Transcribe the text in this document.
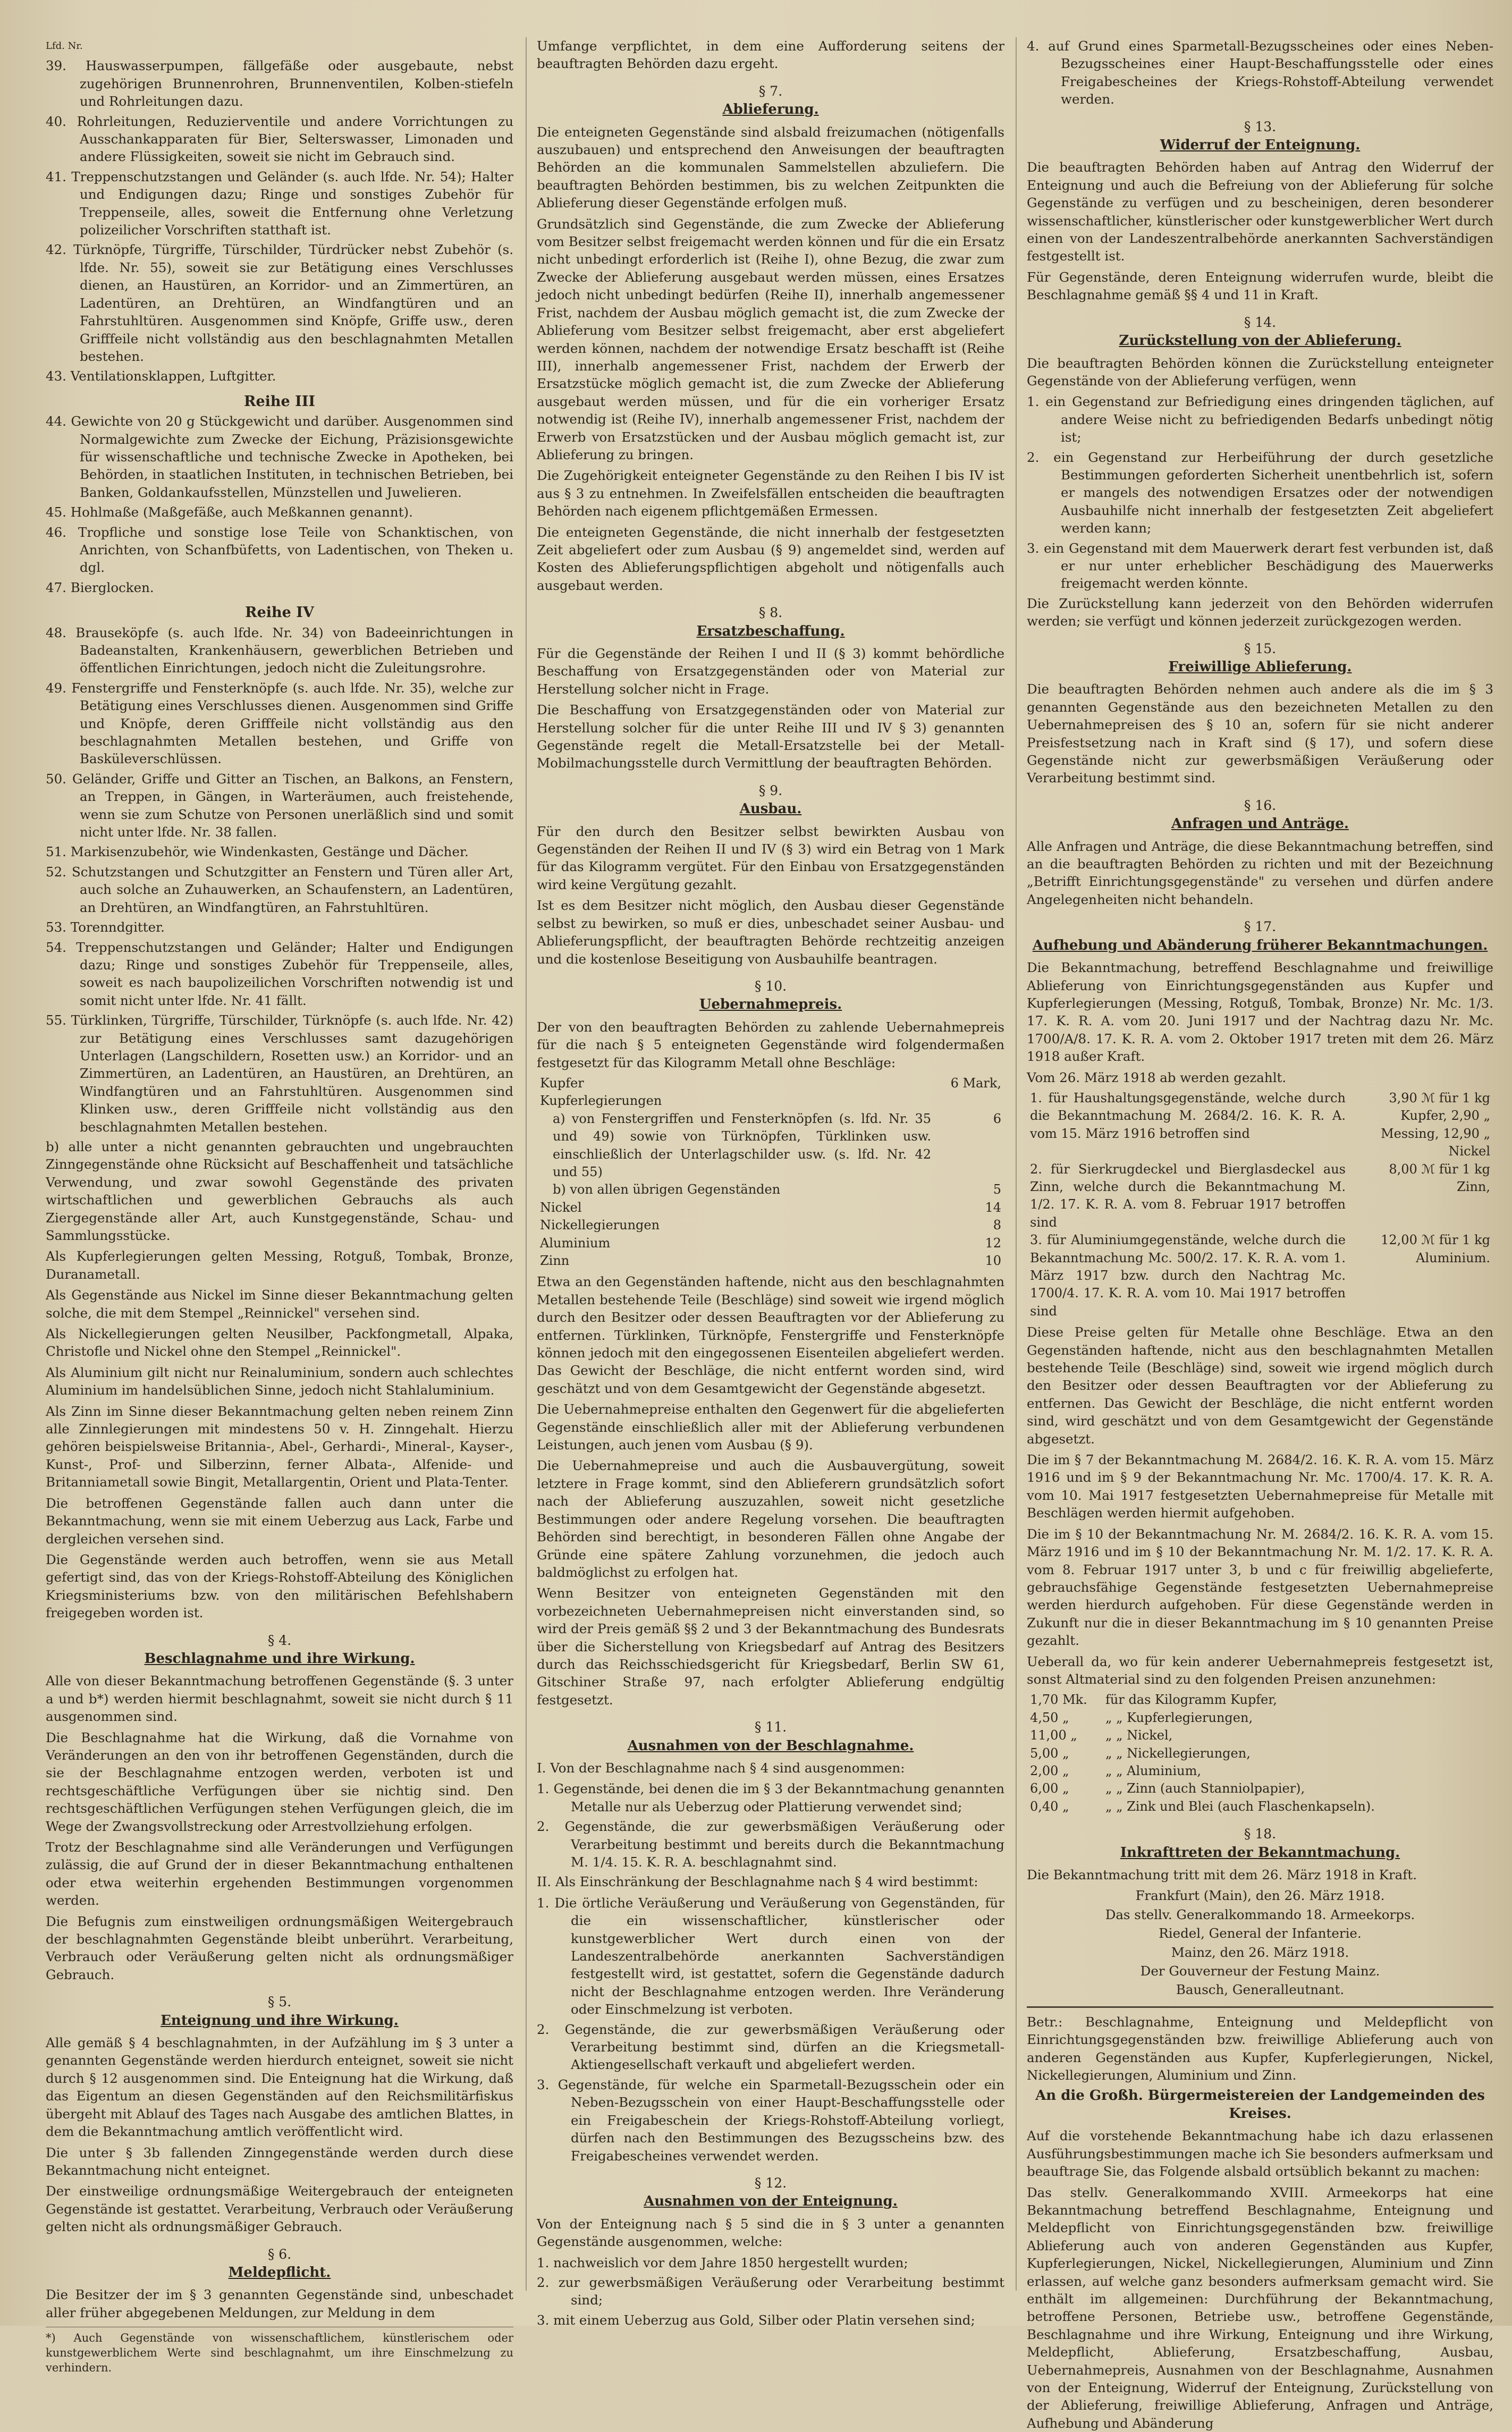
Lfd. Nr.

39. Hauswasserpumpen, fällgefäße oder ausgebaute, nebst zugehörigen Brunnenrohren, Brunnenventilen, Kolben-stiefeln und Rohrleitungen dazu.

40. Rohrleitungen, Reduzierventile und andere Vorrichtungen zu Ausschankapparaten für Bier, Selterswasser, Limonaden und andere Flüssigkeiten, soweit sie nicht im Gebrauch sind.

41. Treppenschutzstangen und Geländer (s. auch lfde. Nr. 54); Halter und Endigungen dazu; Ringe und sonstiges Zubehör für Treppenseile, alles, soweit die Entfernung ohne Verletzung polizeilicher Vorschriften statthaft ist.

42. Türknöpfe, Türgriffe, Türschilder, Türdrücker nebst Zubehör (s. lfde. Nr. 55), soweit sie zur Betätigung eines Verschlusses dienen, an Haustüren, an Korridor- und an Zimmertüren, an Ladentüren, an Drehtüren, an Windfangtüren und an Fahrstuhltüren. Ausgenommen sind Knöpfe, Griffe usw., deren Grifffeile nicht vollständig aus den beschlagnahmten Metallen bestehen.

43. Ventilationsklappen, Luftgitter.

Reihe III

44. Gewichte von 20 g Stückgewicht und darüber. Ausgenommen sind Normalgewichte zum Zwecke der Eichung, Präzisionsgewichte für wissenschaftliche und technische Zwecke in Apotheken, bei Behörden, in staatlichen Instituten, in technischen Betrieben, bei Banken, Goldankaufsstellen, Münzstellen und Juwelieren.

45. Hohlmaße (Maßgefäße, auch Meßkannen genannt).

46. Tropfliche und sonstige lose Teile von Schanktischen, von Anrichten, von Schanfbüfetts, von Ladentischen, von Theken u. dgl.

47. Bierglocken.

Reihe IV

48. Brauseköpfe (s. auch lfde. Nr. 34) von Badeeinrichtungen in Badeanstalten, Krankenhäusern, gewerblichen Betrieben und öffentlichen Einrichtungen, jedoch nicht die Zuleitungsrohre.

49. Fenstergriffe und Fensterknöpfe (s. auch lfde. Nr. 35), welche zur Betätigung eines Verschlusses dienen. Ausgenommen sind Griffe und Knöpfe, deren Grifffeile nicht vollständig aus den beschlagnahmten Metallen bestehen, und Griffe von Basküleverschlüssen.

50. Geländer, Griffe und Gitter an Tischen, an Balkons, an Fenstern, an Treppen, in Gängen, in Warteräumen, auch freistehende, wenn sie zum Schutze von Personen unerläßlich sind und somit nicht unter lfde. Nr. 38 fallen.

51. Markisenzubehör, wie Windenkasten, Gestänge und Dächer.

52. Schutzstangen und Schutzgitter an Fenstern und Türen aller Art, auch solche an Zuhauwerken, an Schaufenstern, an Ladentüren, an Drehtüren, an Windfangtüren, an Fahrstuhltüren.

53. Torenndgitter.

54. Treppenschutzstangen und Geländer; Halter und Endigungen dazu; Ringe und sonstiges Zubehör für Treppenseile, alles, soweit es nach baupolizeilichen Vorschriften notwendig ist und somit nicht unter lfde. Nr. 41 fällt.

55. Türklinken, Türgriffe, Türschilder, Türknöpfe (s. auch lfde. Nr. 42) zur Betätigung eines Verschlusses samt dazugehörigen Unterlagen (Langschildern, Rosetten usw.) an Korridor- und an Zimmertüren, an Ladentüren, an Haustüren, an Drehtüren, an Windfangtüren und an Fahrstuhltüren. Ausgenommen sind Klinken usw., deren Grifffeile nicht vollständig aus den beschlagnahmten Metallen bestehen.

b) alle unter a nicht genannten gebrauchten und ungebrauchten Zinngegenstände ohne Rücksicht auf Beschaffenheit und tatsächliche Verwendung, und zwar sowohl Gegenstände des privaten wirtschaftlichen und gewerblichen Gebrauchs als auch Ziergegenstände aller Art, auch Kunstgegenstände, Schau- und Sammlungsstücke.

Als Kupferlegierungen gelten Messing, Rotguß, Tombak, Bronze, Duranametall.

Als Gegenstände aus Nickel im Sinne dieser Bekanntmachung gelten solche, die mit dem Stempel „Reinnickel" versehen sind.

Als Nickellegierungen gelten Neusilber, Packfongmetall, Alpaka, Christofle und Nickel ohne den Stempel „Reinnickel".

Als Aluminium gilt nicht nur Reinaluminium, sondern auch schlechtes Aluminium im handelsüblichen Sinne, jedoch nicht Stahlaluminium.

Als Zinn im Sinne dieser Bekanntmachung gelten neben reinem Zinn alle Zinnlegierungen mit mindestens 50 v. H. Zinngehalt. Hierzu gehören beispielsweise Britannia-, Abel-, Gerhardi-, Mineral-, Kayser-, Kunst-, Prof- und Silberzinn, ferner Albata-, Alfenide- und Britanniametall sowie Bingit, Metallargentin, Orient und Plata-Tenter.

Die betroffenen Gegenstände fallen auch dann unter die Bekanntmachung, wenn sie mit einem Ueberzug aus Lack, Farbe und dergleichen versehen sind.

Die Gegenstände werden auch betroffen, wenn sie aus Metall gefertigt sind, das von der Kriegs-Rohstoff-Abteilung des Königlichen Kriegsministeriums bzw. von den militärischen Befehlshabern freigegeben worden ist.

§ 4.
Beschlagnahme und ihre Wirkung.

Alle von dieser Bekanntmachung betroffenen Gegenstände (§. 3 unter a und b*) werden hiermit beschlagnahmt, soweit sie nicht durch § 11 ausgenommen sind.

Die Beschlagnahme hat die Wirkung, daß die Vornahme von Veränderungen an den von ihr betroffenen Gegenständen, durch die sie der Beschlagnahme entzogen werden, verboten ist und rechtsgeschäftliche Verfügungen über sie nichtig sind. Den rechtsgeschäftlichen Verfügungen stehen Verfügungen gleich, die im Wege der Zwangsvollstreckung oder Arrestvollziehung erfolgen.

Trotz der Beschlagnahme sind alle Veränderungen und Verfügungen zulässig, die auf Grund der in dieser Bekanntmachung enthaltenen oder etwa weiterhin ergehenden Bestimmungen vorgenommen werden.

Die Befugnis zum einstweiligen ordnungsmäßigen Weitergebrauch der beschlagnahmten Gegenstände bleibt unberührt. Verarbeitung, Verbrauch oder Veräußerung gelten nicht als ordnungsmäßiger Gebrauch.

§ 5.
Enteignung und ihre Wirkung.

Alle gemäß § 4 beschlagnahmten, in der Aufzählung im § 3 unter a genannten Gegenstände werden hierdurch enteignet, soweit sie nicht durch § 12 ausgenommen sind. Die Enteignung hat die Wirkung, daß das Eigentum an diesen Gegenständen auf den Reichsmilitärfiskus übergeht mit Ablauf des Tages nach Ausgabe des amtlichen Blattes, in dem die Bekanntmachung amtlich veröffentlicht wird.

Die unter § 3b fallenden Zinngegenstände werden durch diese Bekanntmachung nicht enteignet.

Der einstweilige ordnungsmäßige Weitergebrauch der enteigneten Gegenstände ist gestattet. Verarbeitung, Verbrauch oder Veräußerung gelten nicht als ordnungsmäßiger Gebrauch.

§ 6.
Meldepflicht.

Die Besitzer der im § 3 genannten Gegenstände sind, unbeschadet aller früher abgegebenen Meldungen, zur Meldung in dem

*) Auch Gegenstände von wissenschaftlichem, künstlerischem oder kunstgewerblichem Werte sind beschlagnahmt, um ihre Einschmelzung zu verhindern.

Umfange verpflichtet, in dem eine Aufforderung seitens der beauftragten Behörden dazu ergeht.

§ 7.
Ablieferung.

Die enteigneten Gegenstände sind alsbald freizumachen (nötigenfalls auszubauen) und entsprechend den Anweisungen der beauftragten Behörden an die kommunalen Sammelstellen abzuliefern. Die beauftragten Behörden bestimmen, bis zu welchen Zeitpunkten die Ablieferung dieser Gegenstände erfolgen muß.

Grundsätzlich sind Gegenstände, die zum Zwecke der Ablieferung vom Besitzer selbst freigemacht werden können und für die ein Ersatz nicht unbedingt erforderlich ist (Reihe I), ohne Bezug, die zwar zum Zwecke der Ablieferung ausgebaut werden müssen, eines Ersatzes jedoch nicht unbedingt bedürfen (Reihe II), innerhalb angemessener Frist, nachdem der Ausbau möglich gemacht ist, die zum Zwecke der Ablieferung vom Besitzer selbst freigemacht, aber erst abgeliefert werden können, nachdem der notwendige Ersatz beschafft ist (Reihe III), innerhalb angemessener Frist, nachdem der Erwerb der Ersatzstücke möglich gemacht ist, die zum Zwecke der Ablieferung ausgebaut werden müssen, und für die ein vorheriger Ersatz notwendig ist (Reihe IV), innerhalb angemessener Frist, nachdem der Erwerb von Ersatzstücken und der Ausbau möglich gemacht ist, zur Ablieferung zu bringen.

Die Zugehörigkeit enteigneter Gegenstände zu den Reihen I bis IV ist aus § 3 zu entnehmen. In Zweifelsfällen entscheiden die beauftragten Behörden nach eigenem pflichtgemäßen Ermessen.

Die enteigneten Gegenstände, die nicht innerhalb der festgesetzten Zeit abgeliefert oder zum Ausbau (§ 9) angemeldet sind, werden auf Kosten des Ablieferungspflichtigen abgeholt und nötigenfalls auch ausgebaut werden.

§ 8.
Ersatzbeschaffung.

Für die Gegenstände der Reihen I und II (§ 3) kommt behördliche Beschaffung von Ersatzgegenständen oder von Material zur Herstellung solcher nicht in Frage.

Die Beschaffung von Ersatzgegenständen oder von Material zur Herstellung solcher für die unter Reihe III und IV § 3) genannten Gegenstände regelt die Metall-Ersatzstelle bei der Metall-Mobilmachungsstelle durch Vermittlung der beauftragten Behörden.

§ 9.
Ausbau.

Für den durch den Besitzer selbst bewirkten Ausbau von Gegenständen der Reihen II und IV (§ 3) wird ein Betrag von 1 Mark für das Kilogramm vergütet. Für den Einbau von Ersatzgegenständen wird keine Vergütung gezahlt.

Ist es dem Besitzer nicht möglich, den Ausbau dieser Gegenstände selbst zu bewirken, so muß er dies, unbeschadet seiner Ausbau- und Ablieferungspflicht, der beauftragten Behörde rechtzeitig anzeigen und die kostenlose Beseitigung von Ausbauhilfe beantragen.

§ 10.
Uebernahmepreis.

Der von den beauftragten Behörden zu zahlende Uebernahmepreis für die nach § 5 enteigneten Gegenstände wird folgendermaßen festgesetzt für das Kilogramm Metall ohne Beschläge:

Kupfer	6 Mark,
Kupferlegierungen	
a) von Fenstergriffen und Fensterknöpfen (s. lfd. Nr. 35 und 49) sowie von Türknöpfen, Türklinken usw. einschließlich der Unterlagschilder usw. (s. lfd. Nr. 42 und 55)	6
b) von allen übrigen Gegenständen	5
Nickel	14
Nickellegierungen	8
Aluminium	12
Zinn	10

Etwa an den Gegenständen haftende, nicht aus den beschlagnahmten Metallen bestehende Teile (Beschläge) sind soweit wie irgend möglich durch den Besitzer oder dessen Beauftragten vor der Ablieferung zu entfernen. Türklinken, Türknöpfe, Fenstergriffe und Fensterknöpfe können jedoch mit den eingegossenen Eisenteilen abgeliefert werden. Das Gewicht der Beschläge, die nicht entfernt worden sind, wird geschätzt und von dem Gesamtgewicht der Gegenstände abgesetzt.

Die Uebernahmepreise enthalten den Gegenwert für die abgelieferten Gegenstände einschließlich aller mit der Ablieferung verbundenen Leistungen, auch jenen vom Ausbau (§ 9).

Die Uebernahmepreise und auch die Ausbauvergütung, soweit letztere in Frage kommt, sind den Ablieferern grundsätzlich sofort nach der Ablieferung auszuzahlen, soweit nicht gesetzliche Bestimmungen oder andere Regelung vorsehen. Die beauftragten Behörden sind berechtigt, in besonderen Fällen ohne Angabe der Gründe eine spätere Zahlung vorzunehmen, die jedoch auch baldmöglichst zu erfolgen hat.

Wenn Besitzer von enteigneten Gegenständen mit den vorbezeichneten Uebernahmepreisen nicht einverstanden sind, so wird der Preis gemäß §§ 2 und 3 der Bekanntmachung des Bundesrats über die Sicherstellung von Kriegsbedarf auf Antrag des Besitzers durch das Reichsschiedsgericht für Kriegsbedarf, Berlin SW 61, Gitschiner Straße 97, nach erfolgter Ablieferung endgültig festgesetzt.

§ 11.
Ausnahmen von der Beschlagnahme.

I. Von der Beschlagnahme nach § 4 sind ausgenommen:

1. Gegenstände, bei denen die im § 3 der Bekanntmachung genannten Metalle nur als Ueberzug oder Plattierung verwendet sind;

2. Gegenstände, die zur gewerbsmäßigen Veräußerung oder Verarbeitung bestimmt und bereits durch die Bekanntmachung M. 1/4. 15. K. R. A. beschlagnahmt sind.

II. Als Einschränkung der Beschlagnahme nach § 4 wird bestimmt:

1. Die örtliche Veräußerung und Veräußerung von Gegenständen, für die ein wissenschaftlicher, künstlerischer oder kunstgewerblicher Wert durch einen von der Landeszentralbehörde anerkannten Sachverständigen festgestellt wird, ist gestattet, sofern die Gegenstände dadurch nicht der Beschlagnahme entzogen werden. Ihre Veränderung oder Einschmelzung ist verboten.

2. Gegenstände, die zur gewerbsmäßigen Veräußerung oder Verarbeitung bestimmt sind, dürfen an die Kriegsmetall-Aktiengesellschaft verkauft und abgeliefert werden.

3. Gegenstände, für welche ein Sparmetall-Bezugsschein oder ein Neben-Bezugsschein von einer Haupt-Beschaffungsstelle oder ein Freigabeschein der Kriegs-Rohstoff-Abteilung vorliegt, dürfen nach den Bestimmungen des Bezugsscheins bzw. des Freigabescheines verwendet werden.

§ 12.
Ausnahmen von der Enteignung.

Von der Enteignung nach § 5 sind die in § 3 unter a genannten Gegenstände ausgenommen, welche:

1. nachweislich vor dem Jahre 1850 hergestellt wurden;

2. zur gewerbsmäßigen Veräußerung oder Verarbeitung bestimmt sind;

3. mit einem Ueberzug aus Gold, Silber oder Platin versehen sind;

4. auf Grund eines Sparmetall-Bezugsscheines oder eines Neben-Bezugsscheines einer Haupt-Beschaffungsstelle oder eines Freigabescheines der Kriegs-Rohstoff-Abteilung verwendet werden.

§ 13.
Widerruf der Enteignung.

Die beauftragten Behörden haben auf Antrag den Widerruf der Enteignung und auch die Befreiung von der Ablieferung für solche Gegenstände zu verfügen und zu bescheinigen, deren besonderer wissenschaftlicher, künstlerischer oder kunstgewerblicher Wert durch einen von der Landeszentralbehörde anerkannten Sachverständigen festgestellt ist.

Für Gegenstände, deren Enteignung widerrufen wurde, bleibt die Beschlagnahme gemäß §§ 4 und 11 in Kraft.

§ 14.
Zurückstellung von der Ablieferung.

Die beauftragten Behörden können die Zurückstellung enteigneter Gegenstände von der Ablieferung verfügen, wenn

1. ein Gegenstand zur Befriedigung eines dringenden täglichen, auf andere Weise nicht zu befriedigenden Bedarfs unbedingt nötig ist;

2. ein Gegenstand zur Herbeiführung der durch gesetzliche Bestimmungen geforderten Sicherheit unentbehrlich ist, sofern er mangels des notwendigen Ersatzes oder der notwendigen Ausbauhilfe nicht innerhalb der festgesetzten Zeit abgeliefert werden kann;

3. ein Gegenstand mit dem Mauerwerk derart fest verbunden ist, daß er nur unter erheblicher Beschädigung des Mauerwerks freigemacht werden könnte.

Die Zurückstellung kann jederzeit von den Behörden widerrufen werden; sie verfügt und können jederzeit zurückgezogen werden.

§ 15.
Freiwillige Ablieferung.

Die beauftragten Behörden nehmen auch andere als die im § 3 genannten Gegenstände aus den bezeichneten Metallen zu den Uebernahmepreisen des § 10 an, sofern für sie nicht anderer Preisfestsetzung nach in Kraft sind (§ 17), und sofern diese Gegenstände nicht zur gewerbsmäßigen Veräußerung oder Verarbeitung bestimmt sind.

§ 16.
Anfragen und Anträge.

Alle Anfragen und Anträge, die diese Bekanntmachung betreffen, sind an die beauftragten Behörden zu richten und mit der Bezeichnung „Betrifft Einrichtungsgegenstände" zu versehen und dürfen andere Angelegenheiten nicht behandeln.

§ 17.
Aufhebung und Abänderung früherer Bekanntmachungen.

Die Bekanntmachung, betreffend Beschlagnahme und freiwillige Ablieferung von Einrichtungsgegenständen aus Kupfer und Kupferlegierungen (Messing, Rotguß, Tombak, Bronze) Nr. Mc. 1/3. 17. K. R. A. vom 20. Juni 1917 und der Nachtrag dazu Nr. Mc. 1700/A/8. 17. K. R. A. vom 2. Oktober 1917 treten mit dem 26. März 1918 außer Kraft.

Vom 26. März 1918 ab werden gezahlt.

1. für Haushaltungsgegenstände, welche durch die Bekanntmachung M. 2684/2. 16. K. R. A. vom 15. März 1916 betroffen sind	3,90 ℳ für 1 kg Kupfer, 2,90 „ Messing, 12,90 „ Nickel
2. für Sierkrugdeckel und Bierglasdeckel aus Zinn, welche durch die Bekanntmachung M. 1/2. 17. K. R. A. vom 8. Februar 1917 betroffen sind	8,00 ℳ für 1 kg Zinn,
3. für Aluminiumgegenstände, welche durch die Bekanntmachung Mc. 500/2. 17. K. R. A. vom 1. März 1917 bzw. durch den Nachtrag Mc. 1700/4. 17. K. R. A. vom 10. Mai 1917 betroffen sind	12,00 ℳ für 1 kg Aluminium.

Diese Preise gelten für Metalle ohne Beschläge. Etwa an den Gegenständen haftende, nicht aus den beschlagnahmten Metallen bestehende Teile (Beschläge) sind, soweit wie irgend möglich durch den Besitzer oder dessen Beauftragten vor der Ablieferung zu entfernen. Das Gewicht der Beschläge, die nicht entfernt worden sind, wird geschätzt und von dem Gesamtgewicht der Gegenstände abgesetzt.

Die im § 7 der Bekanntmachung M. 2684/2. 16. K. R. A. vom 15. März 1916 und im § 9 der Bekanntmachung Nr. Mc. 1700/4. 17. K. R. A. vom 10. Mai 1917 festgesetzten Uebernahmepreise für Metalle mit Beschlägen werden hiermit aufgehoben.

Die im § 10 der Bekanntmachung Nr. M. 2684/2. 16. K. R. A. vom 15. März 1916 und im § 10 der Bekanntmachung Nr. M. 1/2. 17. K. R. A. vom 8. Februar 1917 unter 3, b und c für freiwillig abgelieferte, gebrauchsfähige Gegenstände festgesetzten Uebernahmepreise werden hierdurch aufgehoben. Für diese Gegenstände werden in Zukunft nur die in dieser Bekanntmachung im § 10 genannten Preise gezahlt.

Ueberall da, wo für kein anderer Uebernahmepreis festgesetzt ist, sonst Altmaterial sind zu den folgenden Preisen anzunehmen:

1,70 Mk.	für das Kilogramm Kupfer,
4,50 „	„ „ Kupferlegierungen,
11,00 „	„ „ Nickel,
5,00 „	„ „ Nickellegierungen,
2,00 „	„ „ Aluminium,
6,00 „	„ „ Zinn (auch Stanniolpapier),
0,40 „	„ „ Zink und Blei (auch Flaschenkapseln).
§ 18.
Inkrafttreten der Bekanntmachung.

Die Bekanntmachung tritt mit dem 26. März 1918 in Kraft.

Frankfurt (Main), den 26. März 1918.

Das stellv. Generalkommando 18. Armeekorps.

Riedel, General der Infanterie.

Mainz, den 26. März 1918.

Der Gouverneur der Festung Mainz.

Bausch, Generalleutnant.

Betr.: Beschlagnahme, Enteignung und Meldepflicht von Einrichtungsgegenständen bzw. freiwillige Ablieferung auch von anderen Gegenständen aus Kupfer, Kupferlegierungen, Nickel, Nickellegierungen, Aluminium und Zinn.

An die Großh. Bürgermeistereien der Landgemeinden des Kreises.

Auf die vorstehende Bekanntmachung habe ich dazu erlassenen Ausführungsbestimmungen mache ich Sie besonders aufmerksam und beauftrage Sie, das Folgende alsbald ortsüblich bekannt zu machen:

Das stellv. Generalkommando XVIII. Armeekorps hat eine Bekanntmachung betreffend Beschlagnahme, Enteignung und Meldepflicht von Einrichtungsgegenständen bzw. freiwillige Ablieferung auch von anderen Gegenständen aus Kupfer, Kupferlegierungen, Nickel, Nickellegierungen, Aluminium und Zinn erlassen, auf welche ganz besonders aufmerksam gemacht wird. Sie enthält im allgemeinen: Durchführung der Bekanntmachung, betroffene Personen, Betriebe usw., betroffene Gegenstände, Beschlagnahme und ihre Wirkung, Enteignung und ihre Wirkung, Meldepflicht, Ablieferung, Ersatzbeschaffung, Ausbau, Uebernahmepreis, Ausnahmen von der Beschlagnahme, Ausnahmen von der Enteignung, Widerruf der Enteignung, Zurückstellung von der Ablieferung, freiwillige Ablieferung, Anfragen und Anträge, Aufhebung und Abänderung
